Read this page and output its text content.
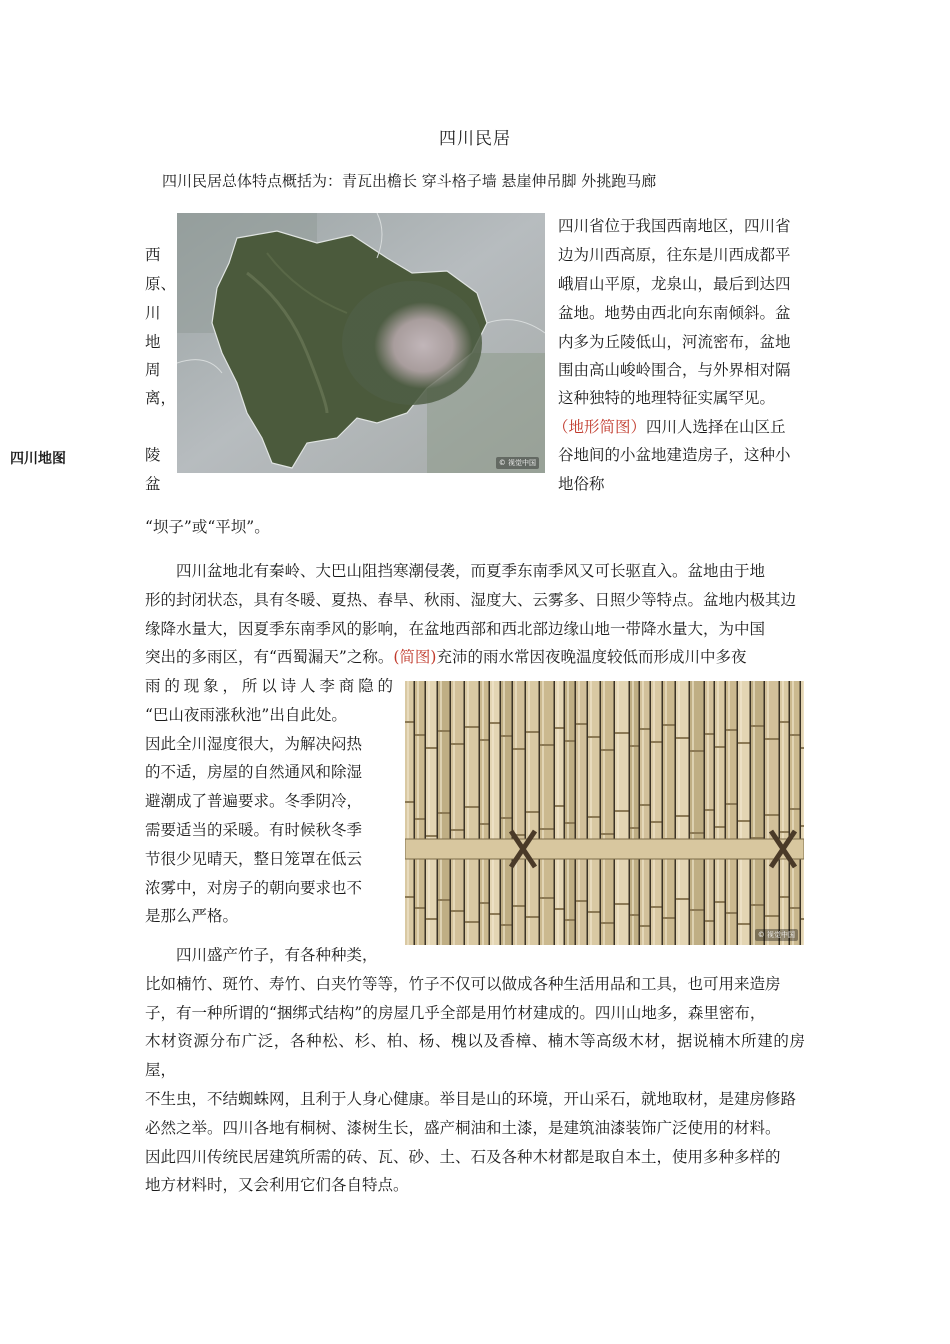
四川民居
四川民居总体特点概括为：青瓦出檐长 穿斗格子墙 悬崖伸吊脚 外挑跑马廊
四川地图
西
原、
川
地
周
离，
陵
盆
© 视觉中国
四川省位于我国西南地区，四川省
边为川西高原，往东是川西成都平
峨眉山平原，龙泉山，最后到达四
盆地。地势由西北向东南倾斜。盆
内多为丘陵低山，河流密布，盆地
围由高山峻岭围合，与外界相对隔
这种独特的地理特征实属罕见。
（地形简图）四川人选择在山区丘
谷地间的小盆地建造房子，这种小
地俗称
“坝子”或“平坝”。

四川盆地北有秦岭、大巴山阻挡寒潮侵袭，而夏季东南季风又可长驱直入。盆地由于地

形的封闭状态，具有冬暖、夏热、春旱、秋雨、湿度大、云雾多、日照少等特点。盆地内极其边

缘降水量大，因夏季东南季风的影响，在盆地西部和西北部边缘山地一带降水量大，为中国

突出的多雨区，有“西蜀漏天”之称。(简图)充沛的雨水常因夜晚温度较低而形成川中多夜

雨的现象，所以诗人李商隐的

“巴山夜雨涨秋池”出自此处。

因此全川湿度很大，为解决闷热

的不适，房屋的自然通风和除湿

避潮成了普遍要求。冬季阴冷，

需要适当的采暖。有时候秋冬季

节很少见晴天，整日笼罩在低云

浓雾中，对房子的朝向要求也不

是那么严格。

© 视觉中国

四川盛产竹子，有各种种类，

比如楠竹、斑竹、寿竹、白夹竹等等，竹子不仅可以做成各种生活用品和工具，也可用来造房

子，有一种所谓的“捆绑式结构”的房屋几乎全部是用竹材建成的。四川山地多，森里密布，

木材资源分布广泛，各种松、杉、柏、杨、槐以及香樟、楠木等高级木材，据说楠木所建的房屋，

不生虫，不结蜘蛛网，且利于人身心健康。举目是山的环境，开山采石，就地取材，是建房修路

必然之举。四川各地有桐树、漆树生长，盛产桐油和土漆，是建筑油漆装饰广泛使用的材料。

因此四川传统民居建筑所需的砖、瓦、砂、土、石及各种木材都是取自本土，使用多种多样的

地方材料时，又会利用它们各自特点。
